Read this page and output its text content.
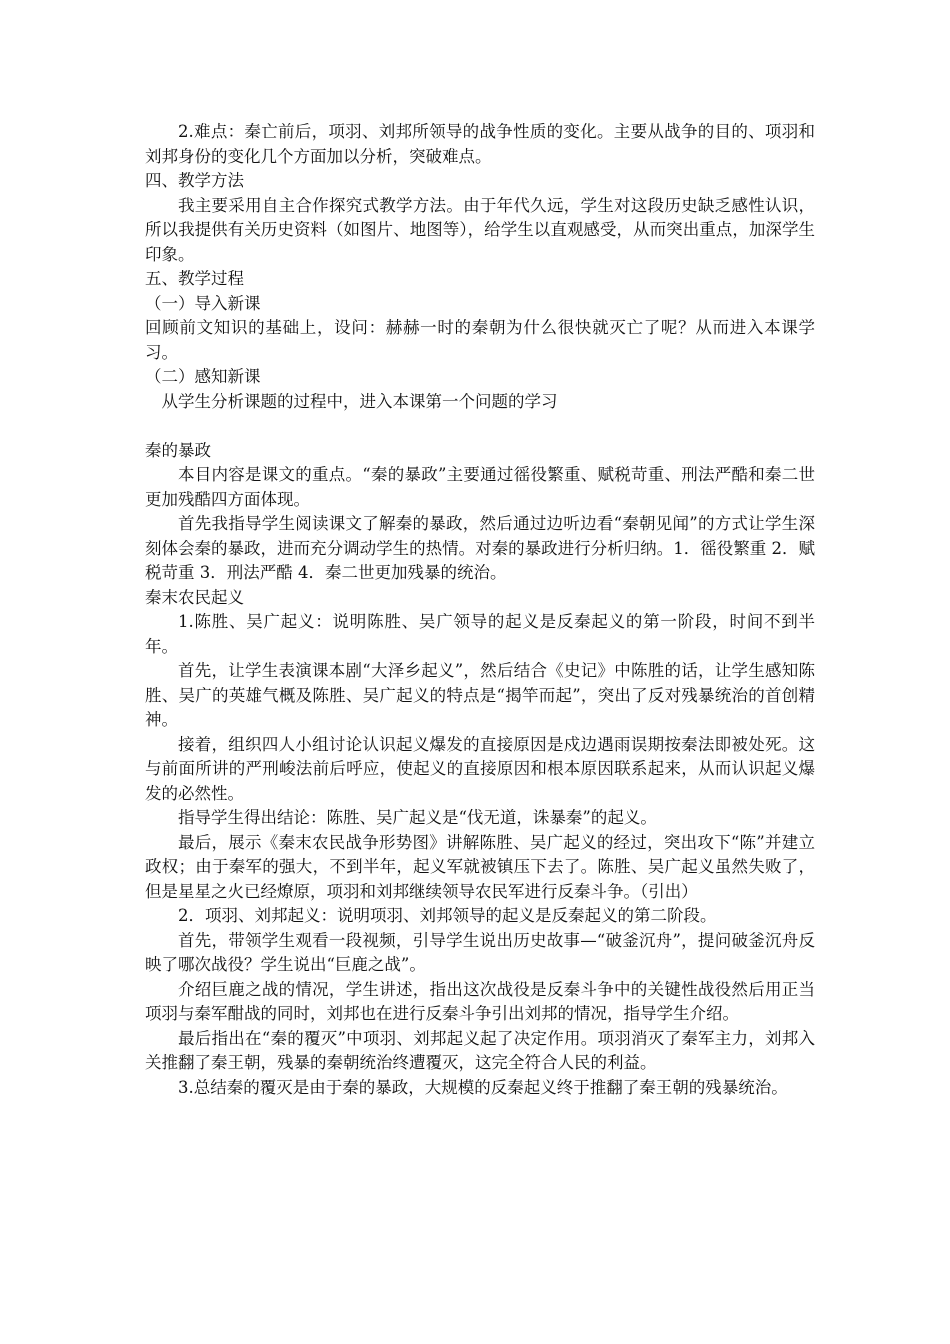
2.难点：秦亡前后，项羽、刘邦所领导的战争性质的变化。主要从战争的目的、项羽和刘邦身份的变化几个方面加以分析，突破难点。

四、教学方法

我主要采用自主合作探究式教学方法。由于年代久远，学生对这段历史缺乏感性认识，所以我提供有关历史资料（如图片、地图等），给学生以直观感受，从而突出重点，加深学生印象。

五、教学过程

（一）导入新课

回顾前文知识的基础上，设问：赫赫一时的秦朝为什么很快就灭亡了呢？从而进入本课学习。

（二）感知新课

从学生分析课题的过程中，进入本课第一个问题的学习

秦的暴政

本目内容是课文的重点。“秦的暴政”主要通过徭役繁重、赋税苛重、刑法严酷和秦二世更加残酷四方面体现。

首先我指导学生阅读课文了解秦的暴政，然后通过边听边看“秦朝见闻”的方式让学生深刻体会秦的暴政，进而充分调动学生的热情。对秦的暴政进行分析归纳。1．徭役繁重 2．赋税苛重 3．刑法严酷 4．秦二世更加残暴的统治。

秦末农民起义

1.陈胜、吴广起义：说明陈胜、吴广领导的起义是反秦起义的第一阶段，时间不到半年。

首先，让学生表演课本剧“大泽乡起义”，然后结合《史记》中陈胜的话，让学生感知陈胜、吴广的英雄气概及陈胜、吴广起义的特点是“揭竿而起”，突出了反对残暴统治的首创精神。

接着，组织四人小组讨论认识起义爆发的直接原因是戍边遇雨误期按秦法即被处死。这与前面所讲的严刑峻法前后呼应，使起义的直接原因和根本原因联系起来，从而认识起义爆发的必然性。

指导学生得出结论：陈胜、吴广起义是“伐无道，诛暴秦”的起义。

最后，展示《秦末农民战争形势图》讲解陈胜、吴广起义的经过，突出攻下“陈”并建立政权；由于秦军的强大，不到半年，起义军就被镇压下去了。陈胜、吴广起义虽然失败了，但是星星之火已经燎原，项羽和刘邦继续领导农民军进行反秦斗争。（引出）

2．项羽、刘邦起义：说明项羽、刘邦领导的起义是反秦起义的第二阶段。

首先，带领学生观看一段视频，引导学生说出历史故事—“破釜沉舟”，提问破釜沉舟反映了哪次战役？学生说出“巨鹿之战”。

介绍巨鹿之战的情况，学生讲述，指出这次战役是反秦斗争中的关键性战役然后用正当项羽与秦军酣战的同时，刘邦也在进行反秦斗争引出刘邦的情况，指导学生介绍。

最后指出在“秦的覆灭”中项羽、刘邦起义起了决定作用。项羽消灭了秦军主力，刘邦入关推翻了秦王朝，残暴的秦朝统治终遭覆灭，这完全符合人民的利益。

3.总结秦的覆灭是由于秦的暴政，大规模的反秦起义终于推翻了秦王朝的残暴统治。
